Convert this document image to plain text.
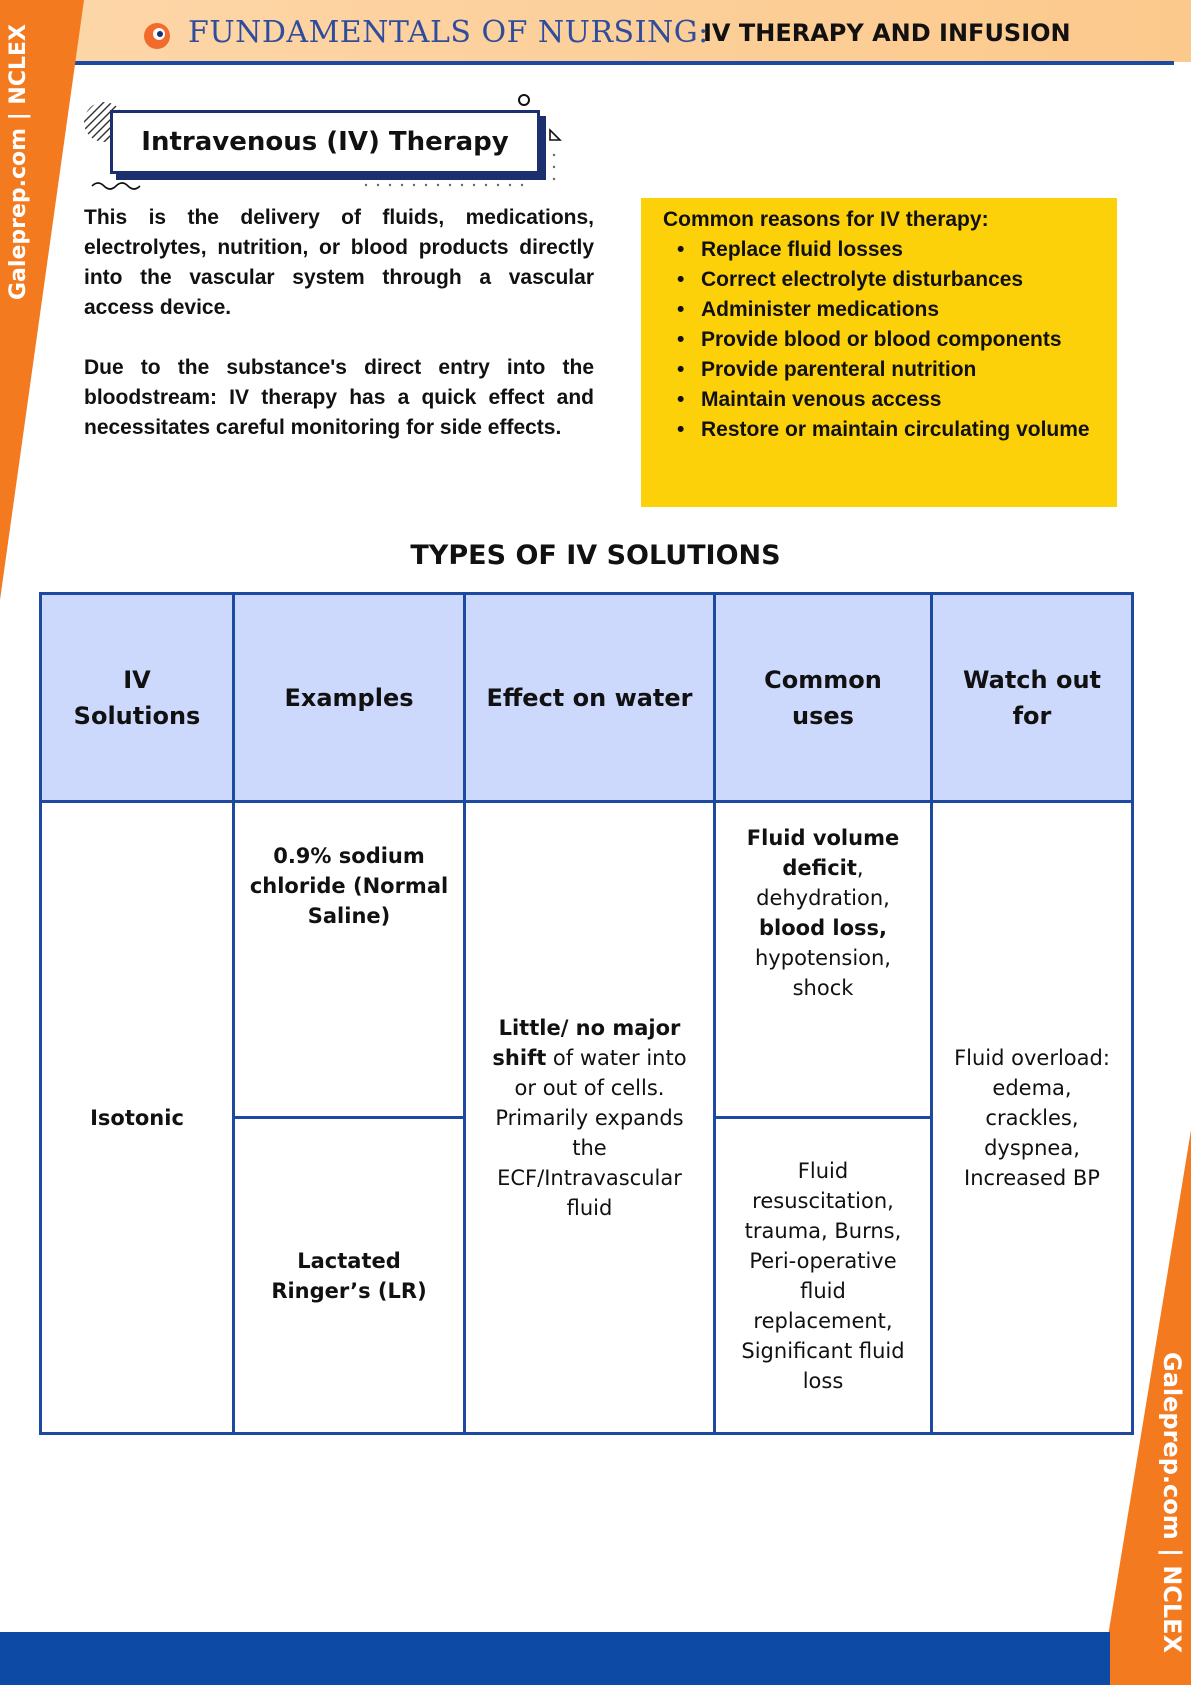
FUNDAMENTALS OF NURSING:
IV THERAPY AND INFUSION
Galeprep.com | NCLEX
Galeprep.com | NCLEX
Intravenous (IV) Therapy

This is the delivery of fluids, medications, electrolytes, nutrition, or blood products directly into the vascular system through a vascular access device.

Due to the substance's direct entry into the bloodstream: IV therapy has a quick effect and necessitates careful monitoring for side effects.

Common reasons for IV therapy:
• Replace fluid losses
• Correct electrolyte disturbances
• Administer medications
• Provide blood or blood components
• Provide parenteral nutrition
• Maintain venous access
• Restore or maintain circulating volume
TYPES OF IV SOLUTIONS
IV Solutions	Examples	Effect on water	Common uses	Watch out for
Isotonic	0.9% sodium chloride (Normal Saline)	Little/ no major shift of water into or out of cells. Primarily expands the ECF/Intravascular fluid	Fluid volume deficit, dehydration, blood loss, hypotension, shock	Fluid overload: edema, crackles, dyspnea, Increased BP
	Lactated Ringer’s (LR)		Fluid resuscitation, trauma, Burns, Peri-operative fluid replacement, Significant fluid loss	
